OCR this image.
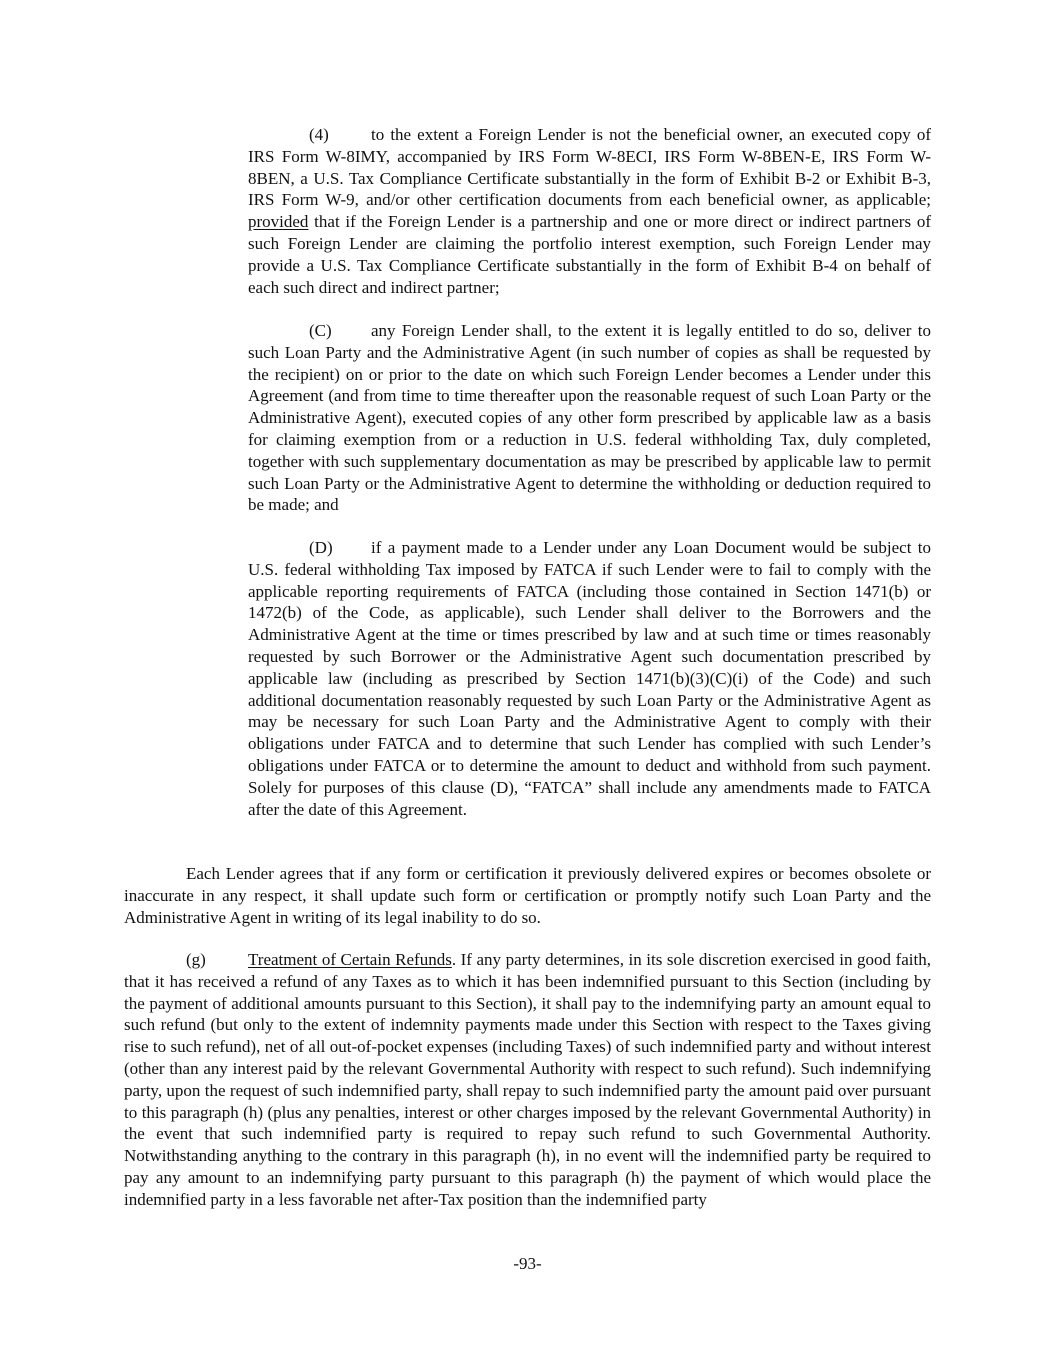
(4) to the extent a Foreign Lender is not the beneficial owner, an executed copy of IRS Form W-8IMY, accompanied by IRS Form W-8ECI, IRS Form W-8BEN-E, IRS Form W-8BEN, a U.S. Tax Compliance Certificate substantially in the form of Exhibit B-2 or Exhibit B-3, IRS Form W-9, and/or other certification documents from each beneficial owner, as applicable; provided that if the Foreign Lender is a partnership and one or more direct or indirect partners of such Foreign Lender are claiming the portfolio interest exemption, such Foreign Lender may provide a U.S. Tax Compliance Certificate substantially in the form of Exhibit B-4 on behalf of each such direct and indirect partner;

(C) any Foreign Lender shall, to the extent it is legally entitled to do so, deliver to such Loan Party and the Administrative Agent (in such number of copies as shall be requested by the recipient) on or prior to the date on which such Foreign Lender becomes a Lender under this Agreement (and from time to time thereafter upon the reasonable request of such Loan Party or the Administrative Agent), executed copies of any other form prescribed by applicable law as a basis for claiming exemption from or a reduction in U.S. federal withholding Tax, duly completed, together with such supplementary documentation as may be prescribed by applicable law to permit such Loan Party or the Administrative Agent to determine the withholding or deduction required to be made; and

(D) if a payment made to a Lender under any Loan Document would be subject to U.S. federal withholding Tax imposed by FATCA if such Lender were to fail to comply with the applicable reporting requirements of FATCA (including those contained in Section 1471(b) or 1472(b) of the Code, as applicable), such Lender shall deliver to the Borrowers and the Administrative Agent at the time or times prescribed by law and at such time or times reasonably requested by such Borrower or the Administrative Agent such documentation prescribed by applicable law (including as prescribed by Section 1471(b)(3)(C)(i) of the Code) and such additional documentation reasonably requested by such Loan Party or the Administrative Agent as may be necessary for such Loan Party and the Administrative Agent to comply with their obligations under FATCA and to determine that such Lender has complied with such Lender’s obligations under FATCA or to determine the amount to deduct and withhold from such payment. Solely for purposes of this clause (D), “FATCA” shall include any amendments made to FATCA after the date of this Agreement.

Each Lender agrees that if any form or certification it previously delivered expires or becomes obsolete or inaccurate in any respect, it shall update such form or certification or promptly notify such Loan Party and the Administrative Agent in writing of its legal inability to do so.

(g) Treatment of Certain Refunds. If any party determines, in its sole discretion exercised in good faith, that it has received a refund of any Taxes as to which it has been indemnified pursuant to this Section (including by the payment of additional amounts pursuant to this Section), it shall pay to the indemnifying party an amount equal to such refund (but only to the extent of indemnity payments made under this Section with respect to the Taxes giving rise to such refund), net of all out-of-pocket expenses (including Taxes) of such indemnified party and without interest (other than any interest paid by the relevant Governmental Authority with respect to such refund). Such indemnifying party, upon the request of such indemnified party, shall repay to such indemnified party the amount paid over pursuant to this paragraph (h) (plus any penalties, interest or other charges imposed by the relevant Governmental Authority) in the event that such indemnified party is required to repay such refund to such Governmental Authority. Notwithstanding anything to the contrary in this paragraph (h), in no event will the indemnified party be required to pay any amount to an indemnifying party pursuant to this paragraph (h) the payment of which would place the indemnified party in a less favorable net after-Tax position than the indemnified party

-93-
